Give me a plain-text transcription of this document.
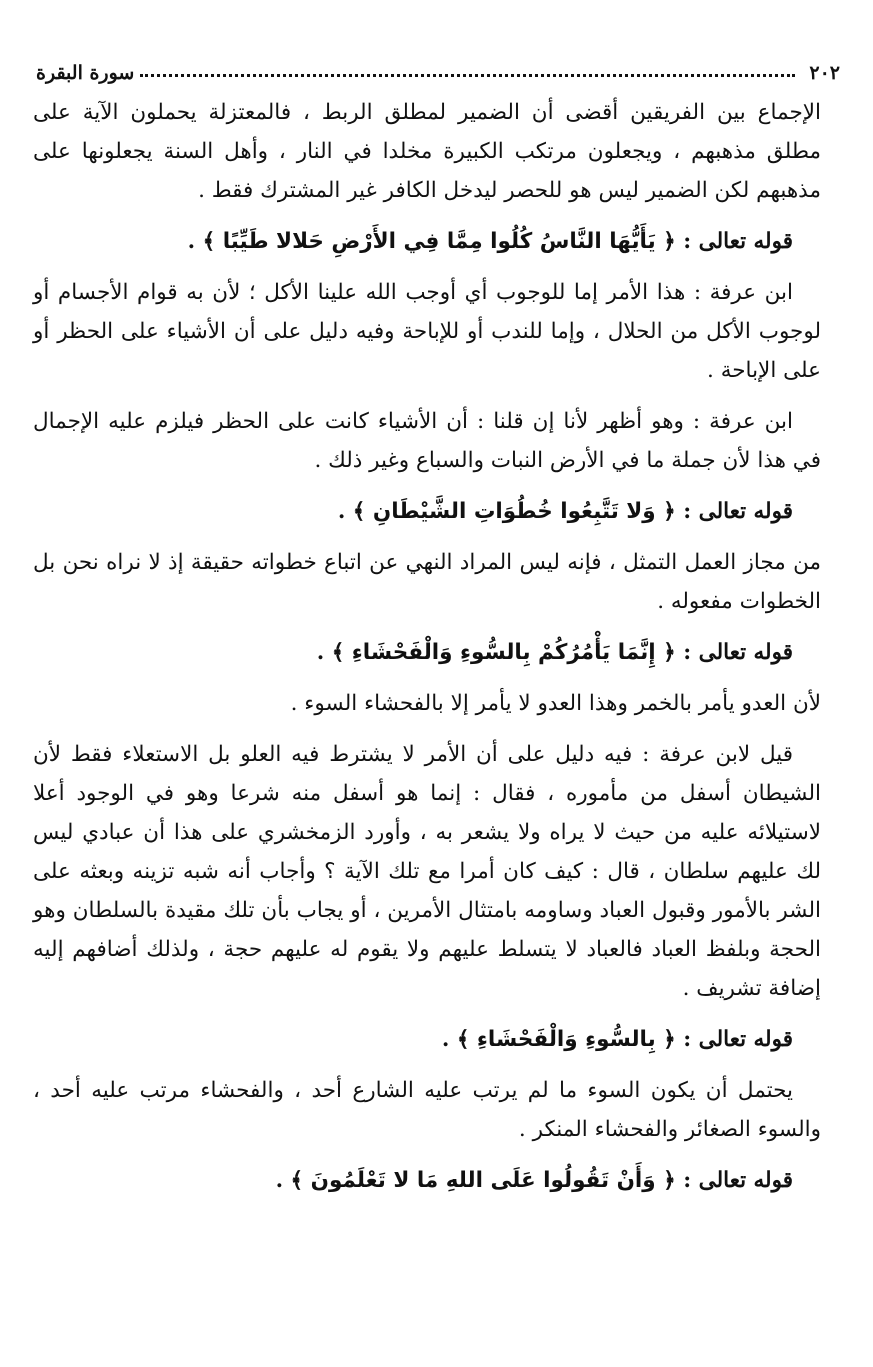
٢٠٢
سورة البقرة

الإجماع بين الفريقين أقضى أن الضمير لمطلق الربط ، فالمعتزلة يحملون الآية على مطلق مذهبهم ، ويجعلون مرتكب الكبيرة مخلدا في النار ، وأهل السنة يجعلونها على مذهبهم لكن الضمير ليس هو للحصر ليدخل الكافر غير المشترك فقط .

قوله تعالى : ﴿ يَأَيُّهَا النَّاسُ كُلُوا مِمَّا فِي الأَرْضِ حَلالا طَيِّبًا ﴾ .

ابن عرفة : هذا الأمر إما للوجوب أي أوجب الله علينا الأكل ؛ لأن به قوام الأجسام أو لوجوب الأكل من الحلال ، وإما للندب أو للإباحة وفيه دليل على أن الأشياء على الحظر أو على الإباحة .

ابن عرفة : وهو أظهر لأنا إن قلنا : أن الأشياء كانت على الحظر فيلزم عليه الإجمال في هذا لأن جملة ما في الأرض النبات والسباع وغير ذلك .

قوله تعالى : ﴿ وَلا تَتَّبِعُوا خُطُوَاتِ الشَّيْطَانِ ﴾ .

من مجاز العمل التمثل ، فإنه ليس المراد النهي عن اتباع خطواته حقيقة إذ لا نراه نحن بل الخطوات مفعوله .

قوله تعالى : ﴿ إِنَّمَا يَأْمُرُكُمْ بِالسُّوءِ وَالْفَحْشَاءِ ﴾ .

لأن العدو يأمر بالخمر وهذا العدو لا يأمر إلا بالفحشاء السوء .

قيل لابن عرفة : فيه دليل على أن الأمر لا يشترط فيه العلو بل الاستعلاء فقط لأن الشيطان أسفل من مأموره ، فقال : إنما هو أسفل منه شرعا وهو في الوجود أعلا لاستيلائه عليه من حيث لا يراه ولا يشعر به ، وأورد الزمخشري على هذا أن عبادي ليس لك عليهم سلطان ، قال : كيف كان أمرا مع تلك الآية ؟ وأجاب أنه شبه تزينه وبعثه على الشر بالأمور وقبول العباد وساومه بامتثال الأمرين ، أو يجاب بأن تلك مقيدة بالسلطان وهو الحجة وبلفظ العباد فالعباد لا يتسلط عليهم ولا يقوم له عليهم حجة ، ولذلك أضافهم إليه إضافة تشريف .

قوله تعالى : ﴿ بِالسُّوءِ وَالْفَحْشَاءِ ﴾ .

يحتمل أن يكون السوء ما لم يرتب عليه الشارع أحد ، والفحشاء مرتب عليه أحد ، والسوء الصغائر والفحشاء المنكر .

قوله تعالى : ﴿ وَأَنْ تَقُولُوا عَلَى اللهِ مَا لا تَعْلَمُونَ ﴾ .
